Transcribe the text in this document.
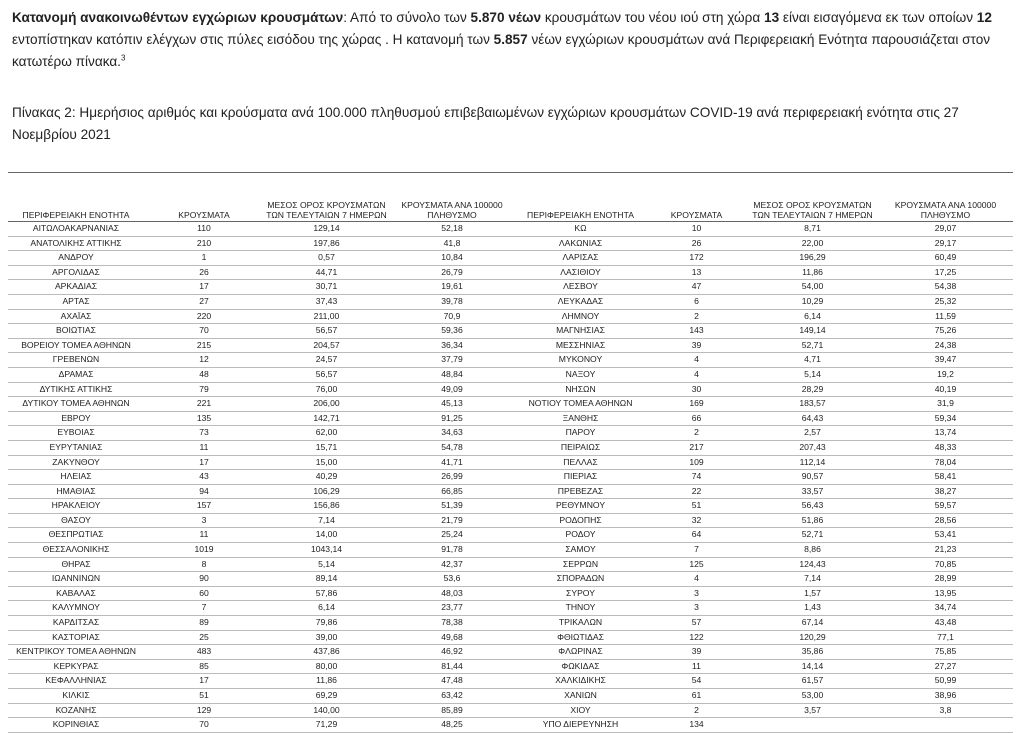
Κατανομή ανακοινωθέντων εγχώριων κρουσμάτων: Από το σύνολο των 5.870 νέων κρουσμάτων του νέου ιού στη χώρα 13 είναι εισαγόμενα εκ των οποίων 12 εντοπίστηκαν κατόπιν ελέγχων στις πύλες εισόδου της χώρας . Η κατανομή των 5.857 νέων εγχώριων κρουσμάτων ανά Περιφερειακή Ενότητα παρουσιάζεται στον κατωτέρω πίνακα.$^3$
Πίνακας 2: Ημερήσιος αριθμός και κρούσματα ανά 100.000 πληθυσμού επιβεβαιωμένων εγχώριων κρουσμάτων COVID-19 ανά περιφερειακή ενότητα στις 27 Νοεμβρίου 2021
ΠΕΡΙΦΕΡΕΙΑΚΗ ΕΝΟΤΗΤΑ	ΚΡΟΥΣΜΑΤΑ	ΜΕΣΟΣ ΟΡΟΣ ΚΡΟΥΣΜΑΤΩΝ ΤΩΝ ΤΕΛΕΥΤΑΙΩΝ 7 ΗΜΕΡΩΝ	ΚΡΟΥΣΜΑΤΑ ΑΝΑ 100000 ΠΛΗΘΥΣΜΟ	ΠΕΡΙΦΕΡΕΙΑΚΗ ΕΝΟΤΗΤΑ	ΚΡΟΥΣΜΑΤΑ	ΜΕΣΟΣ ΟΡΟΣ ΚΡΟΥΣΜΑΤΩΝ ΤΩΝ ΤΕΛΕΥΤΑΙΩΝ 7 ΗΜΕΡΩΝ	ΚΡΟΥΣΜΑΤΑ ΑΝΑ 100000 ΠΛΗΘΥΣΜΟ
ΑΙΤΩΛΟΑΚΑΡΝΑΝΙΑΣ	110	129,14	52,18	ΚΩ	10	8,71	29,07
ΑΝΑΤΟΛΙΚΗΣ ΑΤΤΙΚΗΣ	210	197,86	41,8	ΛΑΚΩΝΙΑΣ	26	22,00	29,17
ΑΝΔΡΟΥ	1	0,57	10,84	ΛΑΡΙΣΑΣ	172	196,29	60,49
ΑΡΓΟΛΙΔΑΣ	26	44,71	26,79	ΛΑΣΙΘΙΟΥ	13	11,86	17,25
ΑΡΚΑΔΙΑΣ	17	30,71	19,61	ΛΕΣΒΟΥ	47	54,00	54,38
ΑΡΤΑΣ	27	37,43	39,78	ΛΕΥΚΑΔΑΣ	6	10,29	25,32
ΑΧΑΪΑΣ	220	211,00	70,9	ΛΗΜΝΟΥ	2	6,14	11,59
ΒΟΙΩΤΙΑΣ	70	56,57	59,36	ΜΑΓΝΗΣΙΑΣ	143	149,14	75,26
ΒΟΡΕΙΟΥ ΤΟΜΕΑ ΑΘΗΝΩΝ	215	204,57	36,34	ΜΕΣΣΗΝΙΑΣ	39	52,71	24,38
ΓΡΕΒΕΝΩΝ	12	24,57	37,79	ΜΥΚΟΝΟΥ	4	4,71	39,47
ΔΡΑΜΑΣ	48	56,57	48,84	ΝΑΞΟΥ	4	5,14	19,2
ΔΥΤΙΚΗΣ ΑΤΤΙΚΗΣ	79	76,00	49,09	ΝΗΣΩΝ	30	28,29	40,19
ΔΥΤΙΚΟΥ ΤΟΜΕΑ ΑΘΗΝΩΝ	221	206,00	45,13	ΝΟΤΙΟΥ ΤΟΜΕΑ ΑΘΗΝΩΝ	169	183,57	31,9
ΕΒΡΟΥ	135	142,71	91,25	ΞΑΝΘΗΣ	66	64,43	59,34
ΕΥΒΟΙΑΣ	73	62,00	34,63	ΠΑΡΟΥ	2	2,57	13,74
ΕΥΡΥΤΑΝΙΑΣ	11	15,71	54,78	ΠΕΙΡΑΙΩΣ	217	207,43	48,33
ΖΑΚΥΝΘΟΥ	17	15,00	41,71	ΠΕΛΛΑΣ	109	112,14	78,04
ΗΛΕΙΑΣ	43	40,29	26,99	ΠΙΕΡΙΑΣ	74	90,57	58,41
ΗΜΑΘΙΑΣ	94	106,29	66,85	ΠΡΕΒΕΖΑΣ	22	33,57	38,27
ΗΡΑΚΛΕΙΟΥ	157	156,86	51,39	ΡΕΘΥΜΝΟΥ	51	56,43	59,57
ΘΑΣΟΥ	3	7,14	21,79	ΡΟΔΟΠΗΣ	32	51,86	28,56
ΘΕΣΠΡΩΤΙΑΣ	11	14,00	25,24	ΡΟΔΟΥ	64	52,71	53,41
ΘΕΣΣΑΛΟΝΙΚΗΣ	1019	1043,14	91,78	ΣΑΜΟΥ	7	8,86	21,23
ΘΗΡΑΣ	8	5,14	42,37	ΣΕΡΡΩΝ	125	124,43	70,85
ΙΩΑΝΝΙΝΩΝ	90	89,14	53,6	ΣΠΟΡΑΔΩΝ	4	7,14	28,99
ΚΑΒΑΛΑΣ	60	57,86	48,03	ΣΥΡΟΥ	3	1,57	13,95
ΚΑΛΥΜΝΟΥ	7	6,14	23,77	ΤΗΝΟΥ	3	1,43	34,74
ΚΑΡΔΙΤΣΑΣ	89	79,86	78,38	ΤΡΙΚΑΛΩΝ	57	67,14	43,48
ΚΑΣΤΟΡΙΑΣ	25	39,00	49,68	ΦΘΙΩΤΙΔΑΣ	122	120,29	77,1
ΚΕΝΤΡΙΚΟΥ ΤΟΜΕΑ ΑΘΗΝΩΝ	483	437,86	46,92	ΦΛΩΡΙΝΑΣ	39	35,86	75,85
ΚΕΡΚΥΡΑΣ	85	80,00	81,44	ΦΩΚΙΔΑΣ	11	14,14	27,27
ΚΕΦΑΛΛΗΝΙΑΣ	17	11,86	47,48	ΧΑΛΚΙΔΙΚΗΣ	54	61,57	50,99
ΚΙΛΚΙΣ	51	69,29	63,42	ΧΑΝΙΩΝ	61	53,00	38,96
ΚΟΖΑΝΗΣ	129	140,00	85,89	ΧΙΟΥ	2	3,57	3,8
ΚΟΡΙΝΘΙΑΣ	70	71,29	48,25	ΥΠΟ ΔΙΕΡΕΥΝΗΣΗ	134		
